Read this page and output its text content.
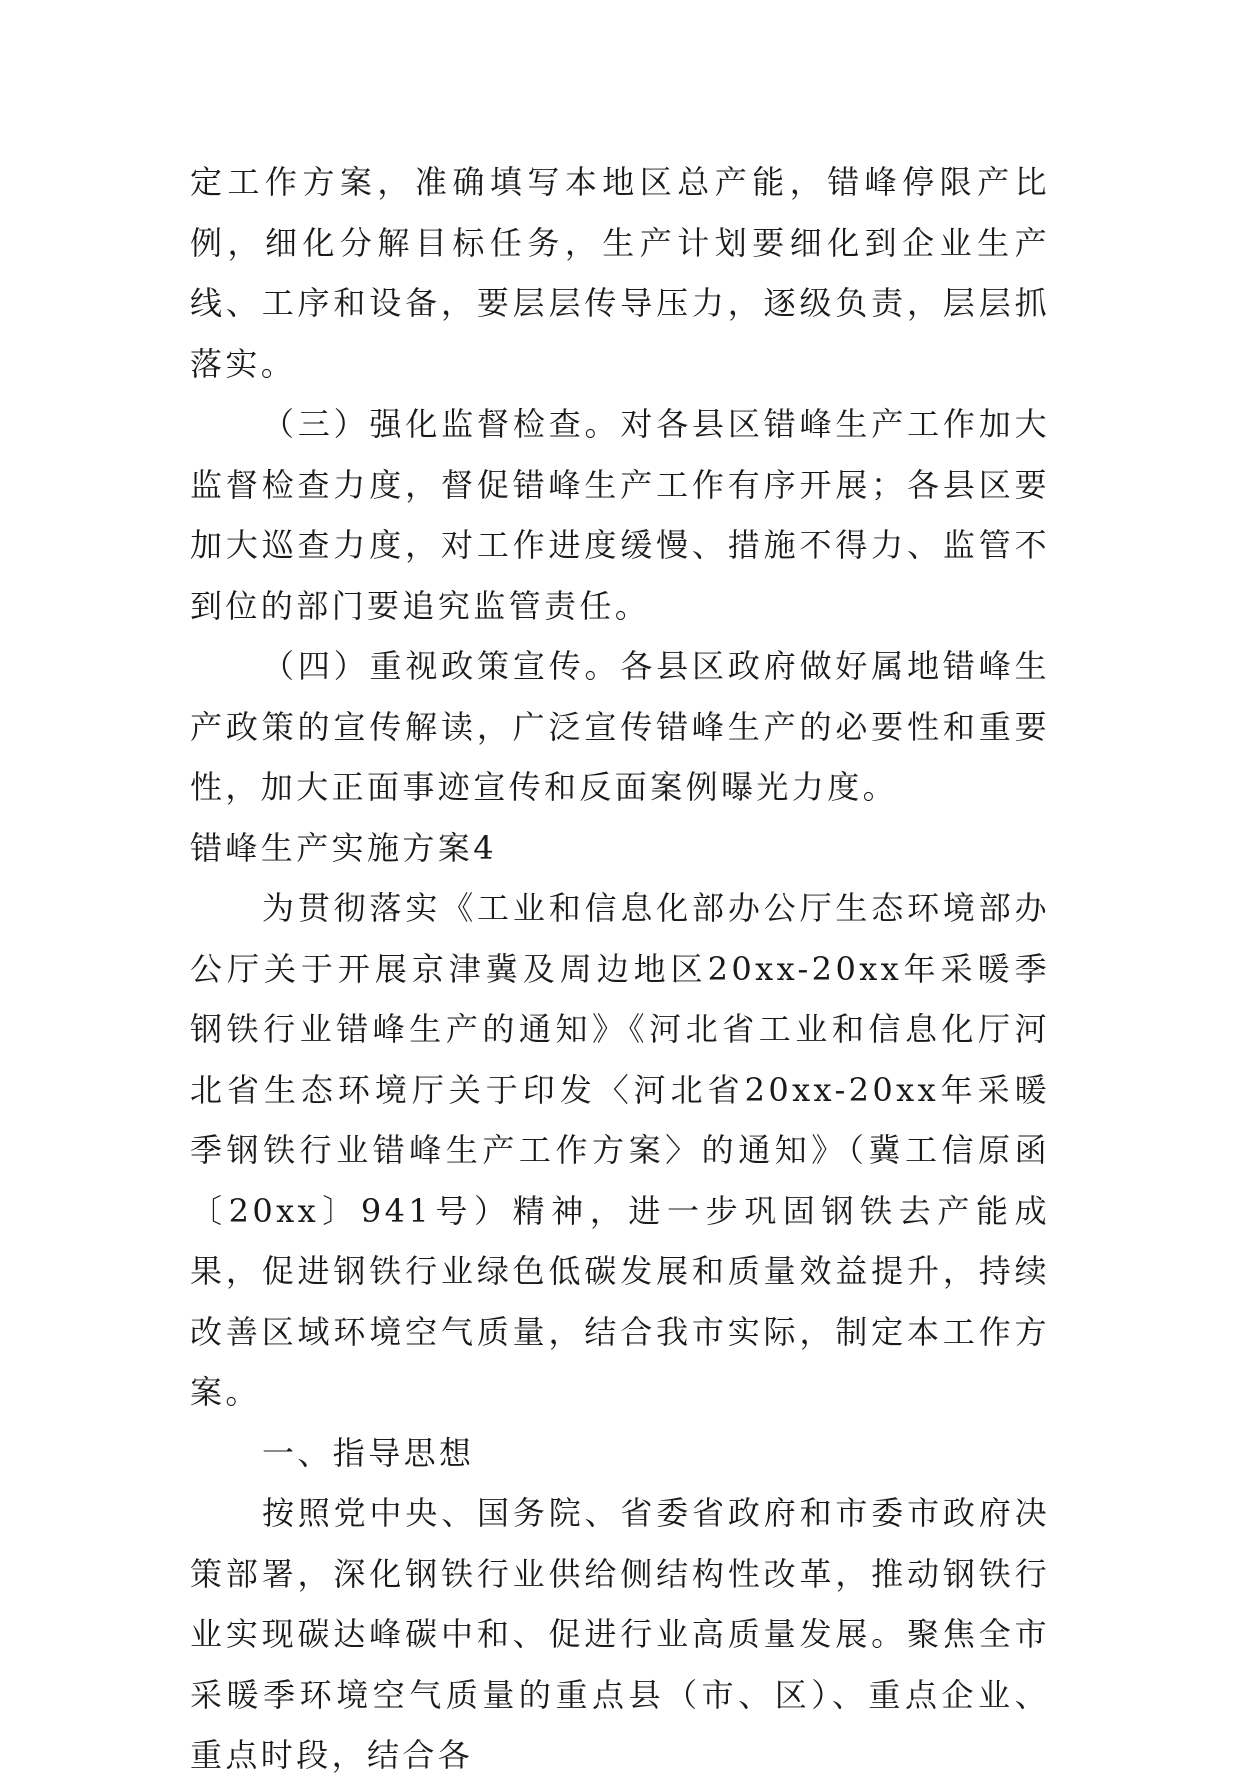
定工作方案，准确填写本地区总产能，错峰停限产比例，细化分解目标任务，生产计划要细化到企业生产线、工序和设备，要层层传导压力，逐级负责，层层抓落实。

（三）强化监督检查。对各县区错峰生产工作加大监督检查力度，督促错峰生产工作有序开展；各县区要加大巡查力度，对工作进度缓慢、措施不得力、监管不到位的部门要追究监管责任。

（四）重视政策宣传。各县区政府做好属地错峰生产政策的宣传解读，广泛宣传错峰生产的必要性和重要性，加大正面事迹宣传和反面案例曝光力度。

错峰生产实施方案4

为贯彻落实《工业和信息化部办公厅生态环境部办公厅关于开展京津冀及周边地区20xx-20xx年采暖季钢铁行业错峰生产的通知》《河北省工业和信息化厅河北省生态环境厅关于印发〈河北省20xx-20xx年采暖季钢铁行业错峰生产工作方案〉的通知》（冀工信原函〔20xx〕941号）精神，进一步巩固钢铁去产能成果，促进钢铁行业绿色低碳发展和质量效益提升，持续改善区域环境空气质量，结合我市实际，制定本工作方案。

一、指导思想

按照党中央、国务院、省委省政府和市委市政府决策部署，深化钢铁行业供给侧结构性改革，推动钢铁行业实现碳达峰碳中和、促进行业高质量发展。聚焦全市采暖季环境空气质量的重点县（市、区）、重点企业、重点时段，结合各
